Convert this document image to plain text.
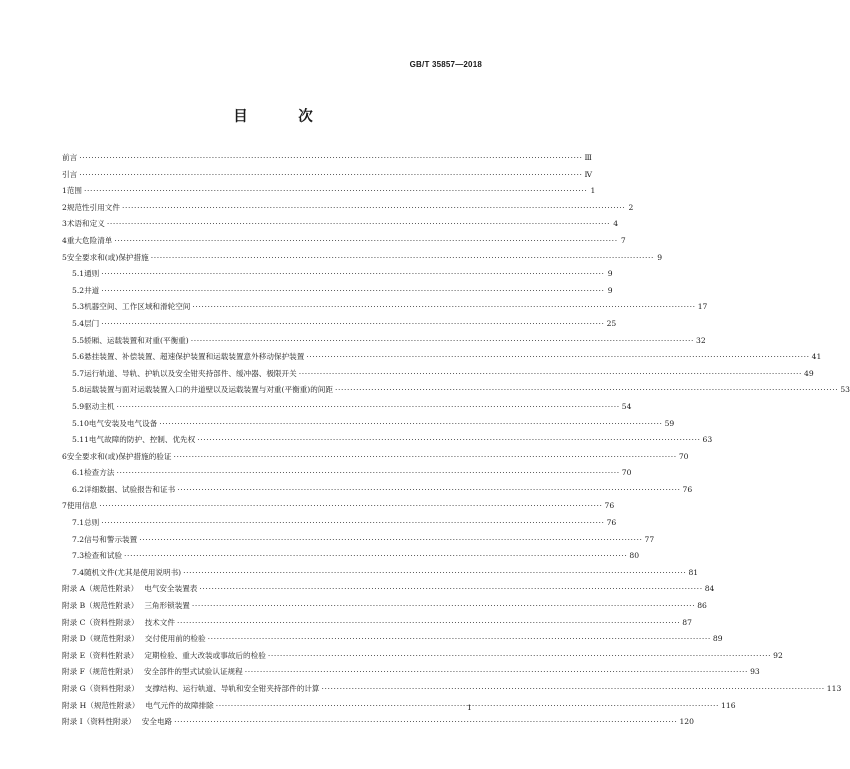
GB/T 35857—2018
目　次
前言 ·····	Ⅲ
引言 ·····	Ⅳ
1 范围 ·····	1
2 规范性引用文件 ·····	2
3 术语和定义 ·····	4
4 重大危险清单 ·····	7
5 安全要求和(或)保护措施 ·····	9
5.1 通则 ·····	9
5.2 井道 ·····	9
5.3 机器空间、工作区域和滑轮空间 ·····	17
5.4 层门 ·····	25
5.5 轿厢、运载装置和对重(平衡重) ·····	32
5.6 悬挂装置、补偿装置、超速保护装置和运载装置意外移动保护装置 ·····	41
5.7 运行轨道、导轨、护轨以及安全钳夹持部件、缓冲器、极限开关 ·····	49
5.8 运载装置与面对运载装置入口的井道壁以及运载装置与对重(平衡重)的间距 ·····	53
5.9 驱动主机 ·····	54
5.10 电气安装及电气设备 ·····	59
5.11 电气故障的防护、控制、优先权 ·····	63
6 安全要求和(或)保护措施的验证 ·····	70
6.1 检查方法 ·····	70
6.2 详细数据、试验报告和证书 ·····	76
7 使用信息 ·····	76
7.1 总则 ·····	76
7.2 信号和警示装置 ·····	77
7.3 检查和试验 ·····	80
7.4 随机文件(尤其是使用说明书) ·····	81
附录 A（规范性附录） 电气安全装置表 ·····	84
附录 B（规范性附录） 三角形锁装置 ·····	86
附录 C（资料性附录） 技术文件 ·····	87
附录 D（规范性附录） 交付使用前的检验 ·····	89
附录 E（资料性附录） 定期检验、重大改装或事故后的检验 ·····	92
附录 F（规范性附录） 安全部件的型式试验认证规程 ·····	93
附录 G（资料性附录） 支撑结构、运行轨道、导轨和安全钳夹持部件的计算 ·····	113
附录 H（规范性附录） 电气元件的故障排除 ·····	116
附录 I（资料性附录） 安全电路 ·····	120
1
